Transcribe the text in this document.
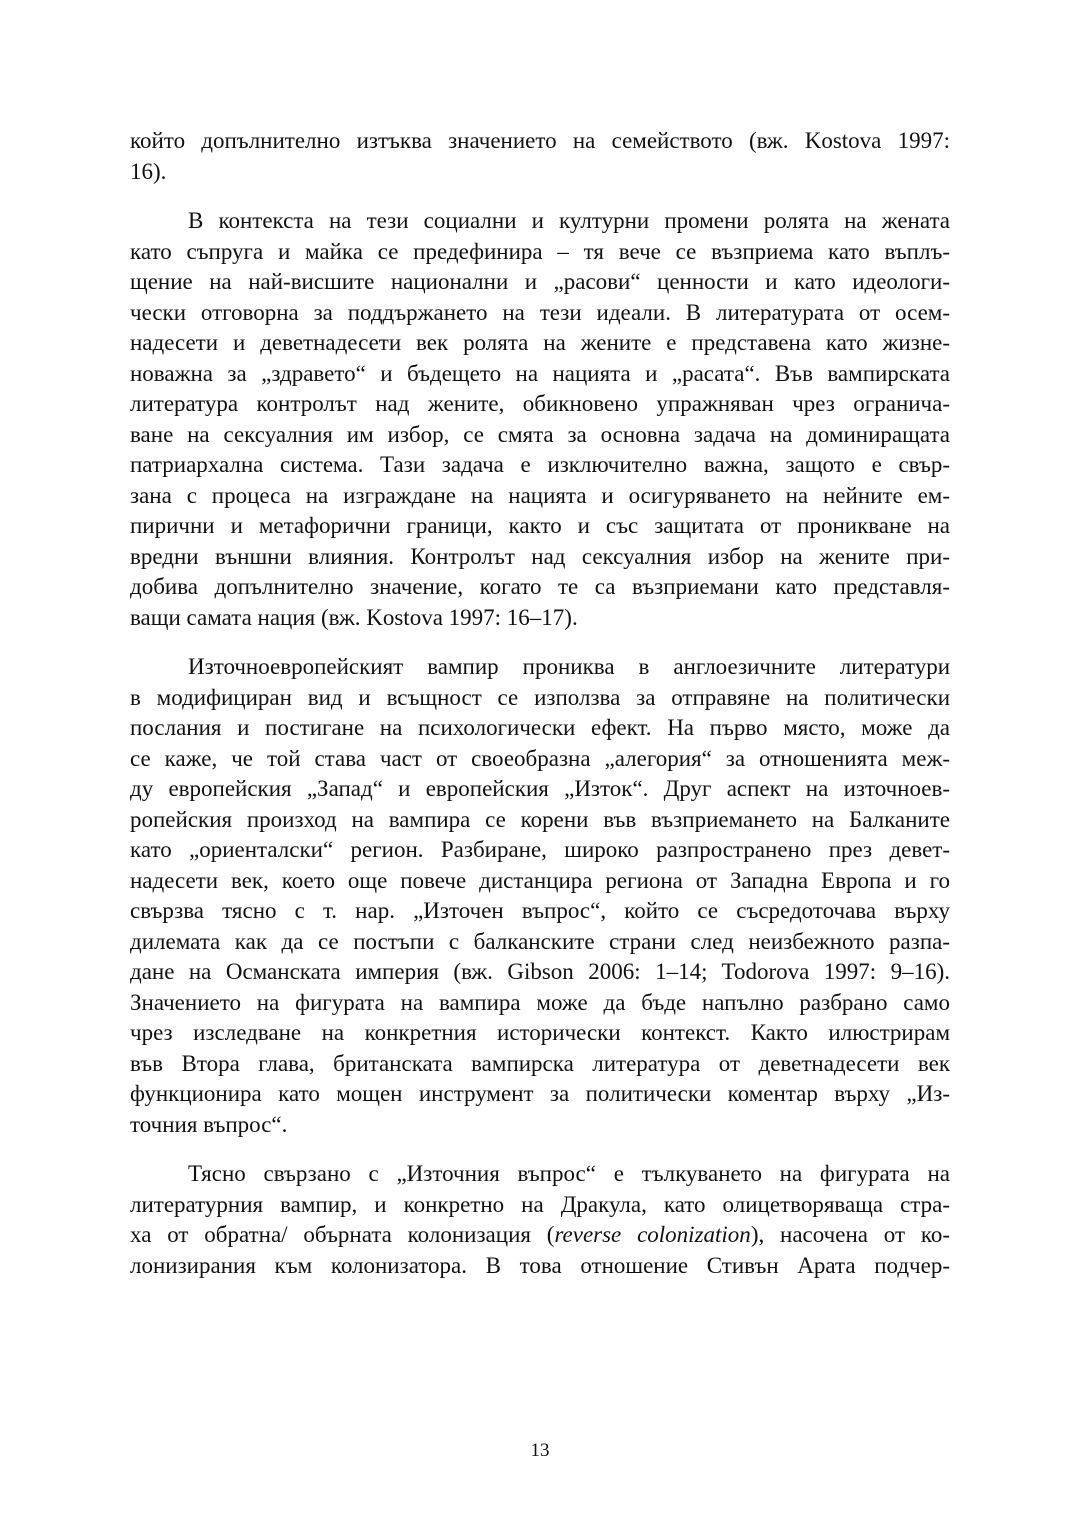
който допълнително изтъква значението на семейството (вж. Kostova 1997:
16).
В контекста на тези социални и културни промени ролята на жената
като съпруга и майка се предефинира – тя вече се възприема като въплъ-
щение на най-висшите национални и „расови“ ценности и като идеологи-
чески отговорна за поддържането на тези идеали. В литературата от осем-
надесети и деветнадесети век ролята на жените е представена като жизне-
новажна за „здравето“ и бъдещето на нацията и „расата“. Във вампирската
литература контролът над жените, обикновено упражняван чрез огранича-
ване на сексуалния им избор, се смята за основна задача на доминиращата
патриархална система. Тази задача е изключително важна, защото е свър-
зана с процеса на изграждане на нацията и осигуряването на нейните ем-
пирични и метафорични граници, както и със защитата от проникване на
вредни външни влияния. Контролът над сексуалния избор на жените при-
добива допълнително значение, когато те са възприемани като представля-
ващи самата нация (вж. Kostova 1997: 16–17).
Източноевропейският вампир прониква в англоезичните литератури
в модифициран вид и всъщност се използва за отправяне на политически
послания и постигане на психологически ефект. На първо място, може да
се каже, че той става част от своеобразна „алегория“ за отношенията меж-
ду европейския „Запад“ и европейския „Изток“. Друг аспект на източноев-
ропейския произход на вампира се корени във възприемането на Балканите
като „ориенталски“ регион. Разбиране, широко разпространено през девет-
надесети век, което още повече дистанцира региона от Западна Европа и го
свързва тясно с т. нар. „Източен въпрос“, който се съсредоточава върху
дилемата как да се постъпи с балканските страни след неизбежното разпа-
дане на Османската империя (вж. Gibson 2006: 1–14; Todorova 1997: 9–16).
Значението на фигурата на вампира може да бъде напълно разбрано само
чрез изследване на конкретния исторически контекст. Както илюстрирам
във Втора глава, британската вампирска литература от деветнадесети век
функционира като мощен инструмент за политически коментар върху „Из-
точния въпрос“.
Тясно свързано с „Източния въпрос“ е тълкуването на фигурата на
литературния вампир, и конкретно на Дракула, като олицетворяваща стра-
ха от обратна/ обърната колонизация (reverse colonization), насочена от ко-
лонизирания към колонизатора. В това отношение Стивън Арата подчер-
13
